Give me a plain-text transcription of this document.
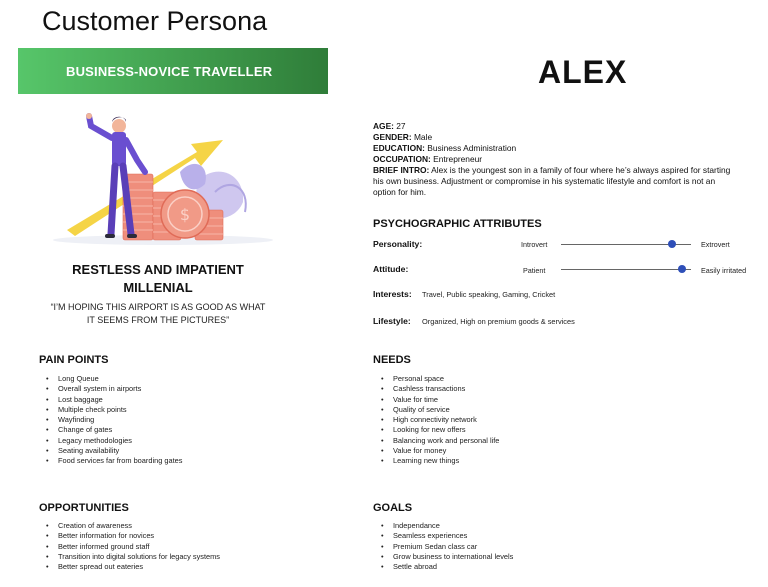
Customer Persona
BUSINESS-NOVICE TRAVELLER	ALEX
$
RESTLESS AND IMPATIENT
MILLENIAL
“I’M HOPING THIS AIRPORT IS AS GOOD AS WHAT
IT SEEMS FROM THE PICTURES”
AGE: 27
GENDER: Male
EDUCATION: Business Administration
OCCUPATION: Entrepreneur
BRIEF INTRO: Alex is the youngest son in a family of four where he’s always aspired for starting his own business. Adjustment or compromise in his systematic lifestyle and comfort is not an option for him.
PSYCHOGRAPHIC ATTRIBUTES
Personality:	Introvert	Extrovert
Attitude:	Patient	Easily irritated
Interests: Travel, Public speaking, Gaming, Cricket
Lifestyle: Organized, High on premium goods & services
PAIN POINTS
• Long Queue
• Overall system in airports
• Lost baggage
• Multiple check points
• Wayfinding
• Change of gates
• Legacy methodologies
• Seating availability
• Food services far from boarding gates
NEEDS
• Personal space
• Cashless transactions
• Value for time
• Quality of service
• High connectivity network
• Looking for new offers
• Balancing work and personal life
• Value for money
• Learning new things
OPPORTUNITIES
• Creation of awareness
• Better information for novices
• Better informed ground staff
• Transition into digital solutions for legacy systems
• Better spread out eateries
GOALS
• Independance
• Seamless experiences
• Premium Sedan class car
• Grow business to international levels
• Settle abroad
